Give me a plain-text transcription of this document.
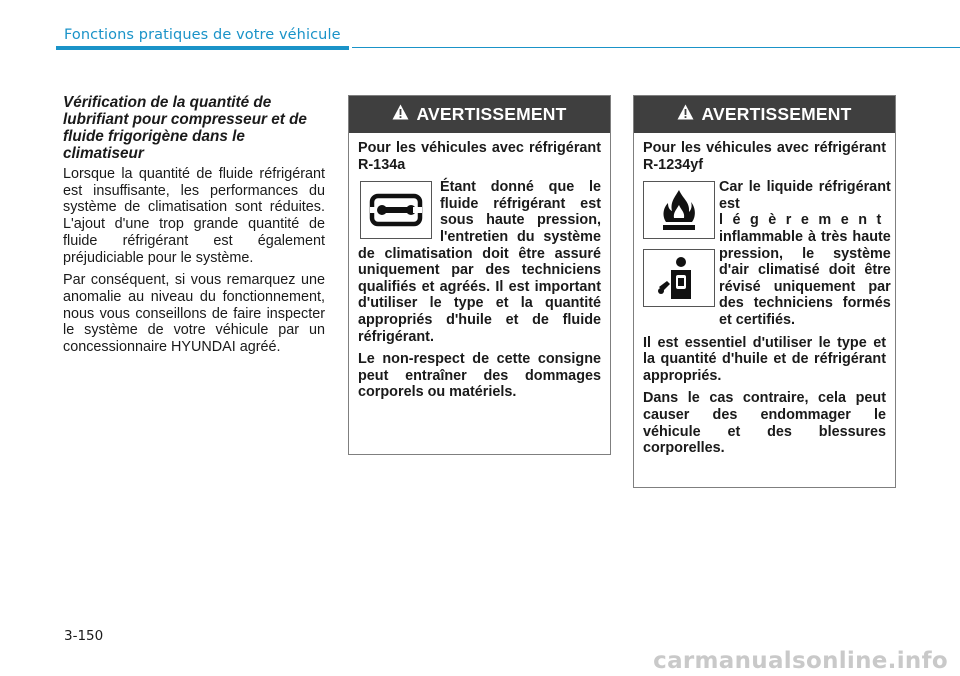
Fonctions pratiques de votre véhicule

Vérification de la quantité de lubrifiant pour compresseur et de fluide frigorigène dans le climatiseur

Lorsque la quantité de fluide réfrigérant est insuffisante, les performances du système de climatisation sont réduites. L'ajout d'une trop grande quantité de fluide réfrigérant est également préjudiciable pour le système.

Par conséquent, si vous remarquez une anomalie au niveau du fonctionnement, nous vous conseillons de faire inspecter le système de votre véhicule par un concessionnaire HYUNDAI agréé.

AVERTISSEMENT

Pour les véhicules avec réfrigérant R-134a

Étant donné que le fluide réfrigérant est sous haute pression, l'entretien du système de climatisation doit être assuré uniquement par des techniciens qualifiés et agréés. Il est important d'utiliser le type et la quantité appropriés d'huile et de fluide réfrigérant.

Le non-respect de cette consigne peut entraîner des dommages corporels ou matériels.

AVERTISSEMENT

Pour les véhicules avec réfrigérant R-1234yf

Car le liquide réfrigérant est

légèrement

inflammable à très haute pression, le système d'air climatisé doit être révisé uniquement par des techniciens formés et certifiés.

Il est essentiel d'utiliser le type et la quantité d'huile et de réfrigérant appropriés.

Dans le cas contraire, cela peut causer des endommager le véhicule et des blessures corporelles.

3-150
carmanualsonline.info
